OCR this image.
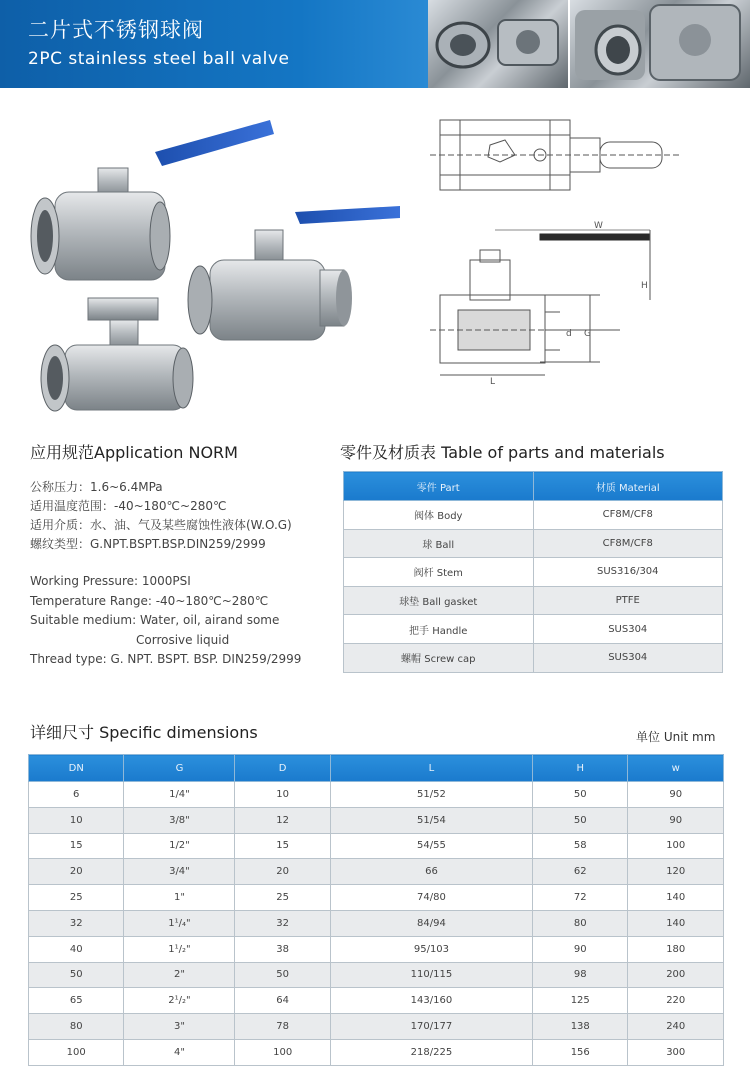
二片式不锈钢球阀
2PC stainless steel ball valve
W
H
d G
L
应用规范Application NORM
公称压力：1.6~6.4MPa
适用温度范围：-40~180℃~280℃
适用介质：水、油、气及某些腐蚀性液体(W.O.G)
螺纹类型：G.NPT.BSPT.BSP.DIN259/2999
Working Pressure: 1000PSI
Temperature Range: -40~180℃~280℃
Suitable medium: Water, oil, airand some
Corrosive liquid
Thread type: G. NPT. BSPT. BSP. DIN259/2999
零件及材质表 Table of parts and materials
零件 Part	材质 Material
阀体 Body	CF8M/CF8
球 Ball	CF8M/CF8
阀杆 Stem	SUS316/304
球垫 Ball gasket	PTFE
把手 Handle	SUS304
螺帽 Screw cap	SUS304
详细尺寸 Specific dimensions	单位 Unit mm
DN	G	D	L	H	w
6	1/4"	10	51/52	50	90
10	3/8"	12	51/54	50	90
15	1/2"	15	54/55	58	100
20	3/4"	20	66	62	120
25	1"	25	74/80	72	140
32	1¹/₄"	32	84/94	80	140
40	1¹/₂"	38	95/103	90	180
50	2"	50	110/115	98	200
65	2¹/₂"	64	143/160	125	220
80	3"	78	170/177	138	240
100	4"	100	218/225	156	300
